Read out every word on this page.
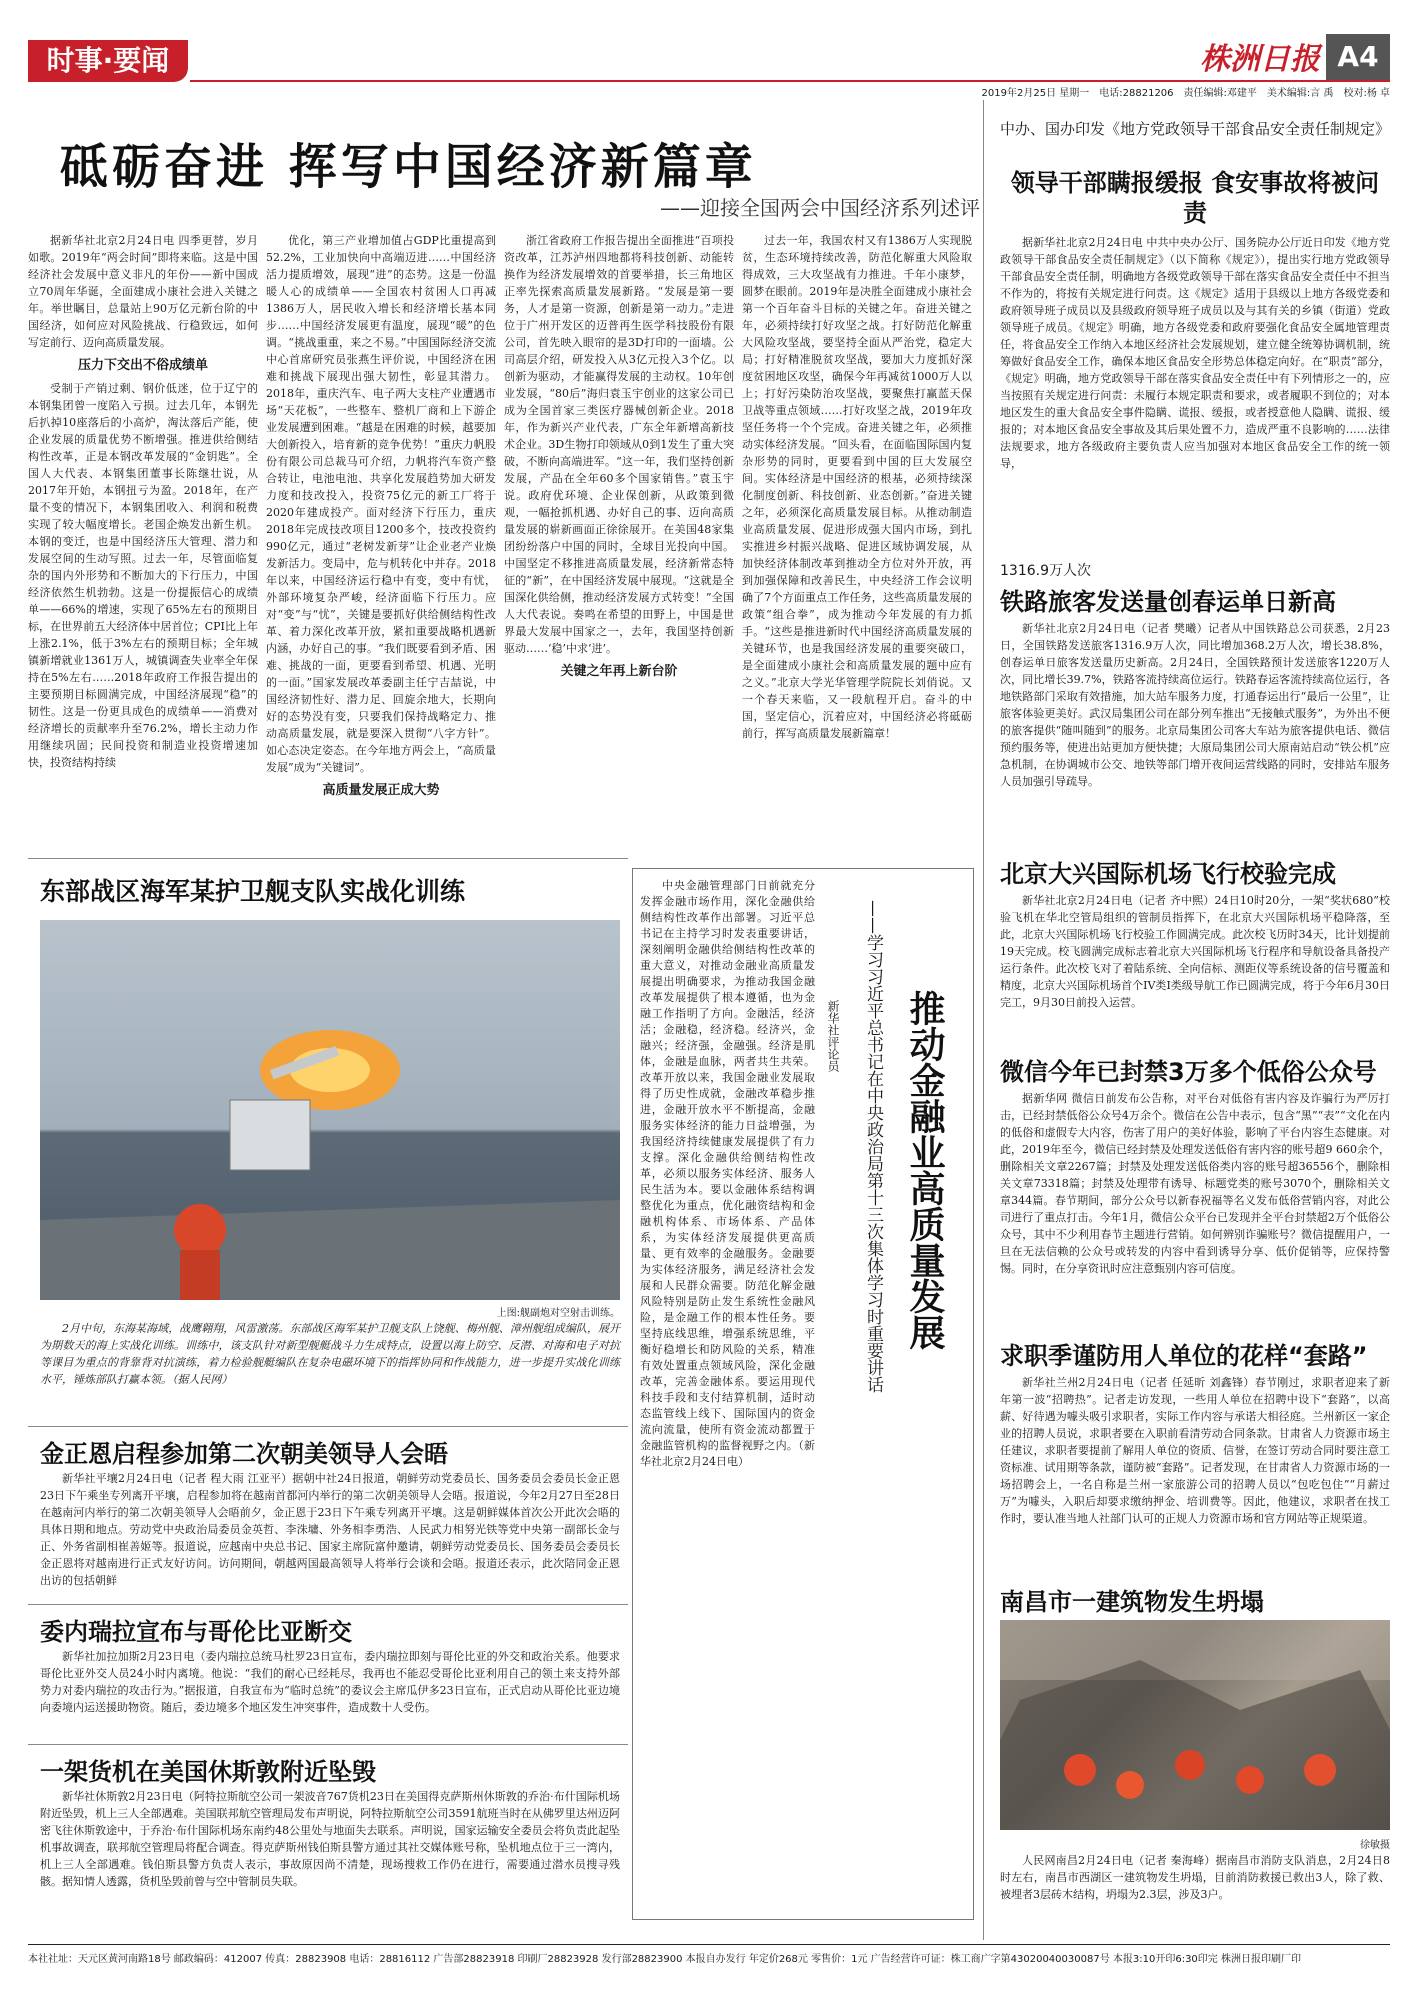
时事·要闻	株洲日报 A4
2019年2月25日 星期一　电话:28821206　责任编辑:邓建平　美术编辑:言 禹　校对:杨 卓
砥砺奋进 挥写中国经济新篇章
——迎接全国两会中国经济系列述评

据新华社北京2月24日电 四季更替，岁月如歌。2019年“两会时间”即将来临。这是中国经济社会发展中意义非凡的年份——新中国成立70周年华诞，全面建成小康社会进入关键之年。举世瞩目，总量站上90万亿元新台阶的中国经济，如何应对风险挑战、行稳致远，如何写定前行、迈向高质量发展。

压力下交出不俗成绩单

受制于产销过剩、钢价低迷，位于辽宁的本钢集团曾一度陷入亏损。过去几年，本钢先后扒掉10座落后的小高炉，淘汰落后产能，使企业发展的质量优势不断增强。推进供给侧结构性改革，正是本钢改革发展的“金钥匙”。全国人大代表、本钢集团董事长陈继壮说，从2017年开始，本钢扭亏为盈。2018年，在产量不变的情况下，本钢集团收入、利润和税费实现了较大幅度增长。老国企焕发出新生机。本钢的变迁，也是中国经济压大管理、潜力和发展空间的生动写照。过去一年，尽管面临复杂的国内外形势和不断加大的下行压力，中国经济依然生机勃勃。这是一份提振信心的成绩单——66%的增速，实现了65%左右的预期目标，在世界前五大经济体中居首位；CPI比上年上涨2.1%，低于3%左右的预期目标；全年城镇新增就业1361万人，城镇调查失业率全年保持在5%左右……2018年政府工作报告提出的主要预期目标圆满完成，中国经济展现“稳”的韧性。这是一份更具成色的成绩单——消费对经济增长的贡献率升至76.2%，增长主动力作用继续巩固；民间投资和制造业投资增速加快，投资结构持续

优化，第三产业增加值占GDP比重提高到52.2%，工业加快向中高端迈进……中国经济活力提质增效，展现“进”的态势。这是一份温暖人心的成绩单——全国农村贫困人口再减1386万人，居民收入增长和经济增长基本同步……中国经济发展更有温度，展现“暖”的色调。“挑战重重，来之不易。”中国国际经济交流中心首席研究员张燕生评价说，中国经济在困难和挑战下展现出强大韧性，彰显其潜力。2018年，重庆汽车、电子两大支柱产业遭遇市场“天花板”，一些整车、整机厂商和上下游企业发展遭到困难。“越是在困难的时候，越要加大创新投入，培育新的竞争优势！”重庆力帆股份有限公司总裁马可介绍，力帆将汽车资产整合转让，电池电池、共享化发展趋势加大研发力度和技改投入，投资75亿元的新工厂将于2020年建成投产。面对经济下行压力，重庆2018年完成技改项目1200多个，技改投资约990亿元，通过“老树发新芽”让企业老产业焕发新活力。变局中，危与机转化中并存。2018年以来，中国经济运行稳中有变，变中有忧，外部环境复杂严峻，经济面临下行压力。应对“变”与“忧”，关键是要抓好供给侧结构性改革、着力深化改革开放，紧扣重要战略机遇新内涵，办好自己的事。“我们既要看到矛盾、困难、挑战的一面，更要看到希望、机遇、光明的一面。”国家发展改革委副主任宁吉喆说，中国经济韧性好、潜力足、回旋余地大，长期向好的态势没有变，只要我们保持战略定力、推动高质量发展，就是要深入贯彻“八字方针”。如心态决定姿态。在今年地方两会上，“高质量发展”成为“关键词”。

高质量发展正成大势

浙江省政府工作报告提出全面推进“百项投资改革，江苏泸州四地都将科技创新、动能转换作为经济发展增效的首要举措，长三角地区正率先探索高质量发展新路。“发展是第一要务，人才是第一资源，创新是第一动力。”走进位于广州开发区的迈普再生医学科技股份有限公司，首先映入眼帘的是3D打印的一面墙。公司高层介绍，研发投入从3亿元投入3个亿。以创新为驱动，才能赢得发展的主动权。10年创业发展，“80后”海归袁玉宇创业的这家公司已成为全国首家三类医疗器械创新企业。2018年，作为新兴产业代表，广东全年新增高新技术企业。3D生物打印领域从0到1发生了重大突破，不断向高端进军。“这一年，我们坚持创新发展，产品在全年60多个国家销售。”袁玉宇说。政府优环境、企业保创新，从政策到微观，一幅抢抓机遇、办好自己的事、迈向高质量发展的崭新画面正徐徐展开。在美国48家集团纷纷落户中国的同时，全球目光投向中国。中国坚定不移推进高质量发展，经济新常态特征的“新”，在中国经济发展中展现。“这就是全国深化供给侧，推动经济发展方式转变！”全国人大代表说。奏鸣在希望的田野上，中国是世界最大发展中国家之一，去年，我国坚持创新驱动……‘稳’中求‘进’。

关键之年再上新台阶

过去一年，我国农村又有1386万人实现脱贫，生态环境持续改善，防范化解重大风险取得成效，三大攻坚战有力推进。千年小康梦，圆梦在眼前。2019年是决胜全面建成小康社会第一个百年奋斗目标的关键之年。奋进关键之年，必须持续打好攻坚之战。打好防范化解重大风险攻坚战，要坚持全面从严治党，稳定大局；打好精准脱贫攻坚战，要加大力度抓好深度贫困地区攻坚，确保今年再减贫1000万人以上；打好污染防治攻坚战，要聚焦打赢蓝天保卫战等重点领域……打好攻坚之战，2019年攻坚任务将一个个完成。奋进关键之年，必须推动实体经济发展。“回头看，在面临国际国内复杂形势的同时，更要看到中国的巨大发展空间。实体经济是中国经济的根基，必须持续深化制度创新、科技创新、业态创新。”奋进关键之年，必须深化高质量发展目标。从推动制造业高质量发展、促进形成强大国内市场，到扎实推进乡村振兴战略、促进区域协调发展，从加快经济体制改革到推动全方位对外开放，再到加强保障和改善民生，中央经济工作会议明确了7个方面重点工作任务，这些高质量发展的政策“组合拳”，成为推动今年发展的有力抓手。“这些是推进新时代中国经济高质量发展的关键环节，也是我国经济发展的重要突破口，是全面建成小康社会和高质量发展的题中应有之义。”北京大学光华管理学院院长刘俏说。又一个春天来临，又一段航程开启。奋斗的中国，坚定信心，沉着应对，中国经济必将砥砺前行，挥写高质量发展新篇章！

中办、国办印发《地方党政领导干部食品安全责任制规定》
领导干部瞒报缓报 食安事故将被问责

据新华社北京2月24日电 中共中央办公厅、国务院办公厅近日印发《地方党政领导干部食品安全责任制规定》（以下简称《规定》），提出实行地方党政领导干部食品安全责任制，明确地方各级党政领导干部在落实食品安全责任中不担当不作为的，将按有关规定进行问责。这《规定》适用于县级以上地方各级党委和政府领导班子成员以及县级政府领导班子成员以及与其有关的乡镇（街道）党政领导班子成员。《规定》明确，地方各级党委和政府要强化食品安全属地管理责任，将食品安全工作纳入本地区经济社会发展规划，建立健全统筹协调机制，统筹做好食品安全工作，确保本地区食品安全形势总体稳定向好。在“职责”部分，《规定》明确，地方党政领导干部在落实食品安全责任中有下列情形之一的，应当按照有关规定进行问责：未履行本规定职责和要求，或者履职不到位的；对本地区发生的重大食品安全事件隐瞒、谎报、缓报，或者授意他人隐瞒、谎报、缓报的；对本地区食品安全事故及其后果处置不力，造成严重不良影响的……法律法规要求，地方各级政府主要负责人应当加强对本地区食品安全工作的统一领导，

1316.9万人次
铁路旅客发送量创春运单日新高

新华社北京2月24日电（记者 樊曦）记者从中国铁路总公司获悉，2月23日，全国铁路发送旅客1316.9万人次，同比增加368.2万人次，增长38.8%，创春运单日旅客发送量历史新高。2月24日，全国铁路预计发送旅客1220万人次，同比增长39.7%，铁路客流持续高位运行。铁路春运客流持续高位运行，各地铁路部门采取有效措施，加大站车服务力度，打通春运出行“最后一公里”，让旅客体验更美好。武汉局集团公司在部分列车推出“无接触式服务”，为外出不便的旅客提供“随叫随到”的服务。北京局集团公司客大车站为旅客提供电话、微信预约服务等，使进出站更加方便快捷；大原局集团公司大原南站启动“铁公机”应急机制，在协调城市公交、地铁等部门增开夜间运营线路的同时，安排站车服务人员加强引导疏导。

北京大兴国际机场飞行校验完成

新华社北京2月24日电（记者 齐中熙）24日10时20分，一架“奖状680”校验飞机在华北空管局组织的管制员指挥下，在北京大兴国际机场平稳降落，至此，北京大兴国际机场飞行校验工作圆满完成。此次校飞历时34天，比计划提前19天完成。校飞圆满完成标志着北京大兴国际机场飞行程序和导航设备具备投产运行条件。此次校飞对了着陆系统、全向信标、测距仪等系统设备的信号覆盖和精度，北京大兴国际机场首个IV类I类级导航工作已圆满完成，将于今年6月30日完工，9月30日前投入运营。

微信今年已封禁3万多个低俗公众号

据新华网 微信日前发布公告称，对平台对低俗有害内容及诈骗行为严厉打击，已经封禁低俗公众号4万余个。微信在公告中表示，包含“黑”“表”“文化在内的低俗和虚假专大内容，伤害了用户的美好体验，影响了平台内容生态健康。对此，2019年至今，微信已经封禁及处理发送低俗有害内容的账号超9 660余个，删除相关文章2267篇；封禁及处理发送低俗类内容的账号超36556个，删除相关文章73318篇；封禁及处理带有诱导、标题党类的账号3070个，删除相关文章344篇。春节期间，部分公众号以新春祝福等名义发布低俗营销内容，对此公司进行了重点打击。今年1月，微信公众平台已发现并全平台封禁超2万个低俗公众号，其中不少利用春节主题进行营销。如何辨别诈骗账号？微信提醒用户，一旦在无法信赖的公众号或转发的内容中看到诱导分享、低价促销等，应保持警惕。同时，在分享资讯时应注意甄别内容可信度。

求职季谨防用人单位的花样“套路”

新华社兰州2月24日电（记者 任延昕 刘鑫锋）春节刚过，求职者迎来了新年第一波“招聘热”。记者走访发现，一些用人单位在招聘中设下“套路”，以高薪、好待遇为噱头吸引求职者，实际工作内容与承诺大相径庭。兰州新区一家企业的招聘人员说，求职者要在入职前看清劳动合同条款。甘肃省人力资源市场主任建议，求职者要提前了解用人单位的资质、信誉，在签订劳动合同时要注意工资标准、试用期等条款，谨防被“套路”。记者发现，在甘肃省人力资源市场的一场招聘会上，一名自称是兰州一家旅游公司的招聘人员以“包吃包住”“月薪过万”为噱头，入职后却要求缴纳押金、培训费等。因此，他建议，求职者在找工作时，要认准当地人社部门认可的正规人力资源市场和官方网站等正规渠道。

南昌市一建筑物发生坍塌
徐敏摄

人民网南昌2月24日电（记者 秦海峰）据南昌市消防支队消息，2月24日8时左右，南昌市西湖区一建筑物发生坍塌，目前消防救援已救出3人，除了救、被埋者3层砖木结构，坍塌为2.3层，涉及3户。

东部战区海军某护卫舰支队实战化训练
上图:舰副炮对空射击训练。

2月中旬，东海某海域，战鹰翱翔，风雷激荡。东部战区海军某护卫舰支队上饶舰、梅州舰、漳州舰组成编队，展开为期数天的海上实战化训练。训练中，该支队针对新型舰艇战斗力生成特点，设置以海上防空、反潜、对海和电子对抗等课目为重点的背靠背对抗演练，着力检验舰艇编队在复杂电磁环境下的指挥协同和作战能力，进一步提升实战化训练水平，锤炼部队打赢本领。（据人民网）

推动金融业高质量发展
——学习习近平总书记在中央政治局第十三次集体学习时重要讲话
新华社评论员

中央金融管理部门日前就充分发挥金融市场作用，深化金融供给侧结构性改革作出部署。习近平总书记在主持学习时发表重要讲话，深刻阐明金融供给侧结构性改革的重大意义，对推动金融业高质量发展提出明确要求，为推动我国金融改革发展提供了根本遵循，也为金融工作指明了方向。金融活，经济活；金融稳，经济稳。经济兴，金融兴；经济强，金融强。经济是肌体，金融是血脉，两者共生共荣。改革开放以来，我国金融业发展取得了历史性成就，金融改革稳步推进，金融开放水平不断提高，金融服务实体经济的能力日益增强，为我国经济持续健康发展提供了有力支撑。深化金融供给侧结构性改革，必须以服务实体经济、服务人民生活为本。要以金融体系结构调整优化为重点，优化融资结构和金融机构体系、市场体系、产品体系，为实体经济发展提供更高质量、更有效率的金融服务。金融要为实体经济服务，满足经济社会发展和人民群众需要。防范化解金融风险特别是防止发生系统性金融风险，是金融工作的根本性任务。要坚持底线思维，增强系统思维，平衡好稳增长和防风险的关系，精准有效处置重点领域风险，深化金融改革，完善金融体系。要运用现代科技手段和支付结算机制，适时动态监管线上线下、国际国内的资金流向流量，使所有资金流动都置于金融监管机构的监督视野之内。（新华社北京2月24日电）

金正恩启程参加第二次朝美领导人会晤

新华社平壤2月24日电（记者 程大雨 江亚平）据朝中社24日报道，朝鲜劳动党委员长、国务委员会委员长金正恩23日下午乘坐专列离开平壤，启程参加将在越南首都河内举行的第二次朝美领导人会晤。报道说，今年2月27日至28日在越南河内举行的第二次朝美领导人会晤前夕，金正恩于23日下午乘专列离开平壤。这是朝鲜媒体首次公开此次会晤的具体日期和地点。劳动党中央政治局委员金英哲、李洙墉、外务相李勇浩、人民武力相努光铁等党中央第一副部长金与正、外务省副相崔善姬等。报道说，应越南中央总书记、国家主席阮富仲邀请，朝鲜劳动党委员长、国务委员会委员长金正恩将对越南进行正式友好访问。访问期间，朝越两国最高领导人将举行会谈和会晤。报道还表示，此次陪同金正恩出访的包括朝鲜

委内瑞拉宣布与哥伦比亚断交

新华社加拉加斯2月23日电（委内瑞拉总统马杜罗23日宣布，委内瑞拉即刻与哥伦比亚的外交和政治关系。他要求哥伦比亚外交人员24小时内离境。他说：“我们的耐心已经耗尽，我再也不能忍受哥伦比亚利用自己的领土来支持外部势力对委内瑞拉的攻击行为。”据报道，自我宣布为“临时总统”的委议会主席瓜伊多23日宣布，正式启动从哥伦比亚边境向委境内运送援助物资。随后，委边境多个地区发生冲突事件，造成数十人受伤。

一架货机在美国休斯敦附近坠毁

新华社休斯敦2月23日电（阿特拉斯航空公司一架波音767货机23日在美国得克萨斯州休斯敦的乔治·布什国际机场附近坠毁，机上三人全部遇难。美国联邦航空管理局发布声明说，阿特拉斯航空公司3591航班当时在从佛罗里达州迈阿密飞往休斯敦途中，于乔治·布什国际机场东南约48公里处与地面失去联系。声明说，国家运输安全委员会将负责此起坠机事故调查，联邦航空管理局将配合调查。得克萨斯州钱伯斯县警方通过其社交媒体账号称，坠机地点位于三一湾内，机上三人全部遇难。钱伯斯县警方负责人表示，事故原因尚不清楚，现场搜救工作仍在进行，需要通过潜水员搜寻残骸。据知情人透露，货机坠毁前曾与空中管制员失联。

本社社址：天元区黄河南路18号 邮政编码：412007 传真：28823908 电话：28816112 广告部28823918 印刷厂28823928 发行部28823900 本报自办发行 年定价268元 零售价：1元 广告经营许可证：株工商广字第43020040030087号 本报3:10开印6:30印完 株洲日报印刷厂印
